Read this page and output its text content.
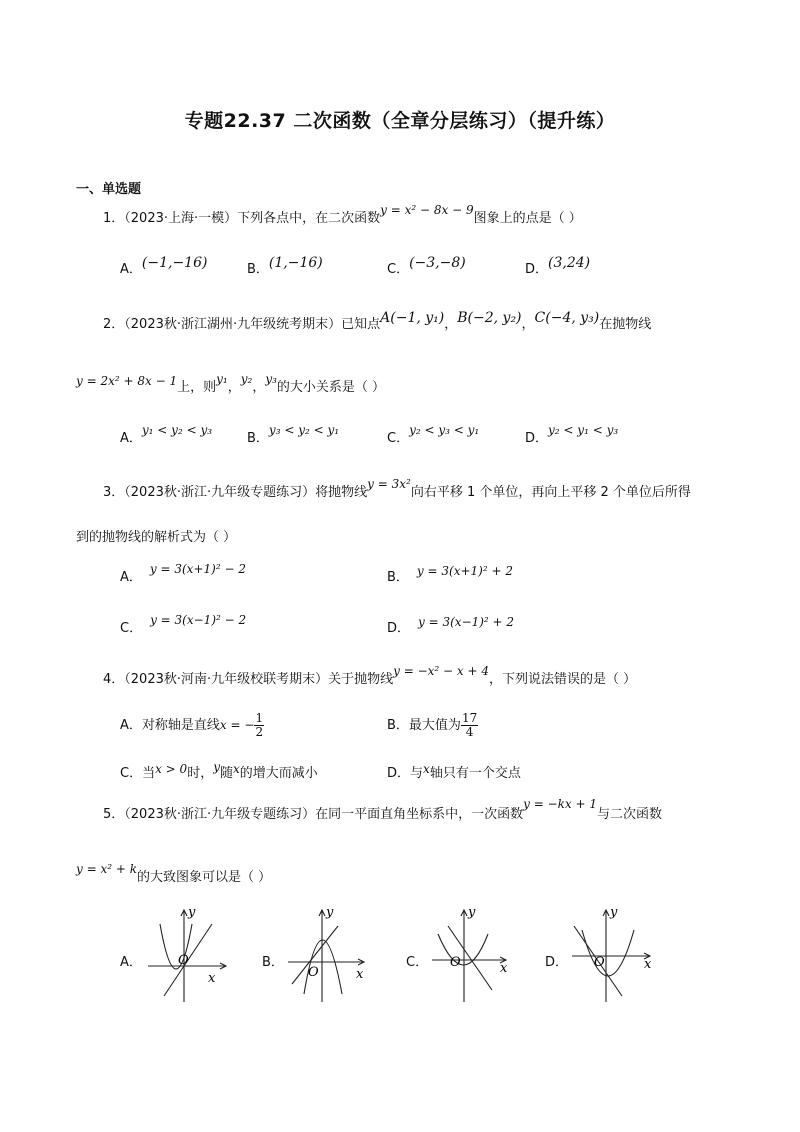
专题22.37 二次函数（全章分层练习）（提升练）
一、单选题
1．（2023·上海·一模）下列各点中，在二次函数y = x² − 8x − 9图象上的点是（ ）
A．(−1,−16)	B．(1,−16)	C．(−3,−8)	D．(3,24)
2．（2023秋·浙江湖州·九年级统考期末）已知点A(−1, y₁)，B(−2, y₂)，C(−4, y₃)在抛物线
y = 2x² + 8x − 1上，则y₁，y₂，y₃的大小关系是（ ）
A．y₁ < y₂ < y₃
B．y₃ < y₂ < y₁
C．y₂ < y₃ < y₁
D．y₂ < y₁ < y₃
3．（2023秋·浙江·九年级专题练习）将抛物线y = 3x²向右平移 1 个单位，再向上平移 2 个单位后所得
到的抛物线的解析式为（ ）
A．y = 3(x+1)² − 2
B． y = 3(x+1)² + 2
C．y = 3(x−1)² − 2
D． y = 3(x−1)² + 2
4．（2023秋·河南·九年级校联考期末）关于抛物线y = −x² − x + 4，下列说法错误的是（ ）
A．对称轴是直线x = − $\frac{1}{2}$	B．最大值为 $\frac{17}{4}$
C．当x > 0时，y随x的增大而减小	D．与x轴只有一个交点
5．（2023秋·浙江·九年级专题练习）在同一平面直角坐标系中，一次函数y = −kx + 1与二次函数
y = x² + k的大致图象可以是（ ）
A．
y
x
O	B．
y
x
O
C．
y
x
O	D．
y
x
O
